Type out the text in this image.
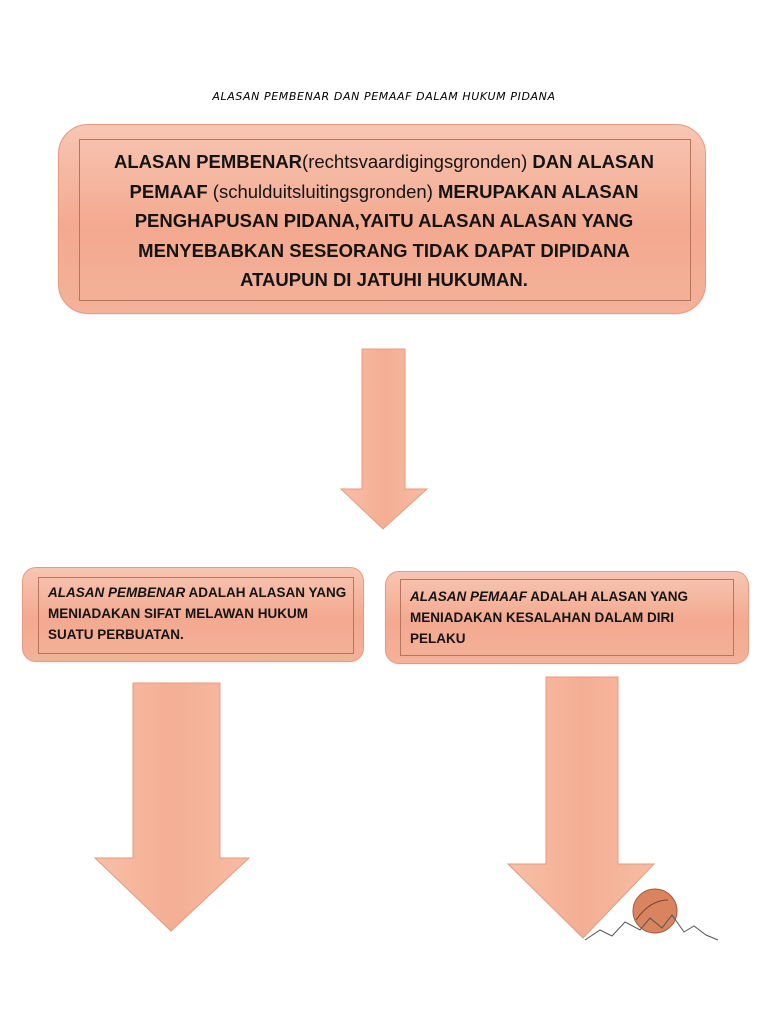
ALASAN PEMBENAR DAN PEMAAF DALAM HUKUM PIDANA
ALASAN PEMBENAR(rechtsvaardigingsgronden) DAN ALASAN
PEMAAF (schulduitsluitingsgronden) MERUPAKAN ALASAN
PENGHAPUSAN PIDANA,YAITU ALASAN ALASAN YANG
MENYEBABKAN SESEORANG TIDAK DAPAT DIPIDANA
ATAUPUN DI JATUHI HUKUMAN.
ALASAN PEMBENAR ADALAH ALASAN YANG MENIADAKAN SIFAT MELAWAN HUKUM SUATU PERBUATAN.
ALASAN PEMAAF ADALAH ALASAN YANG MENIADAKAN KESALAHAN DALAM DIRI PELAKU
